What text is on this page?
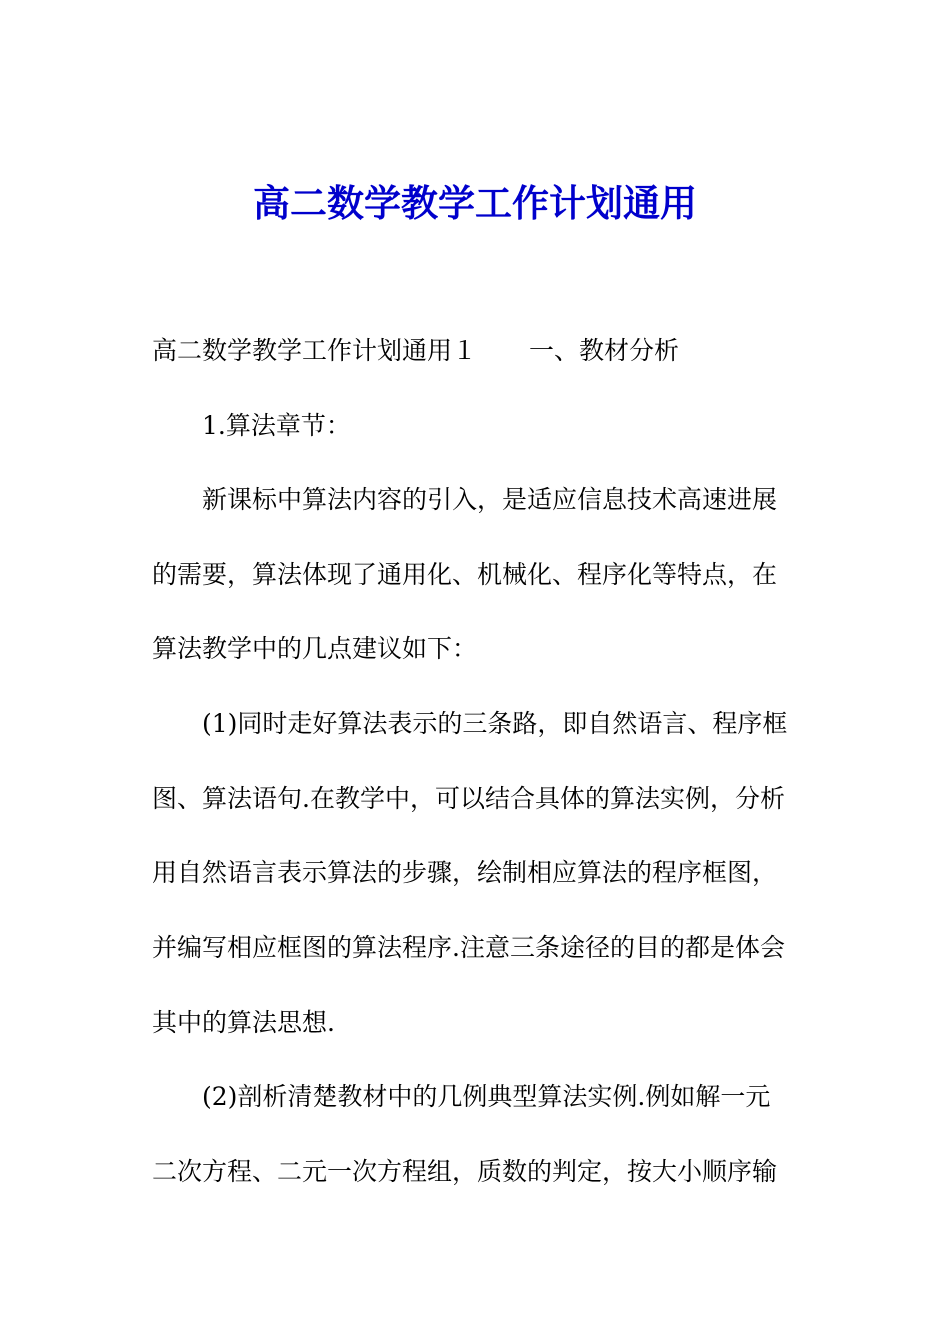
高二数学教学工作计划通用
高二数学教学工作计划通用１ 一、教材分析
1.算法章节：
新课标中算法内容的引入，是适应信息技术高速进展
的需要，算法体现了通用化、机械化、程序化等特点，在
算法教学中的几点建议如下：
(1)同时走好算法表示的三条路，即自然语言、程序框
图、算法语句.在教学中，可以结合具体的算法实例，分析
用自然语言表示算法的步骤，绘制相应算法的程序框图，
并编写相应框图的算法程序.注意三条途径的目的都是体会
其中的算法思想.
(2)剖析清楚教材中的几例典型算法实例.例如解一元
二次方程、二元一次方程组，质数的判定，按大小顺序输
